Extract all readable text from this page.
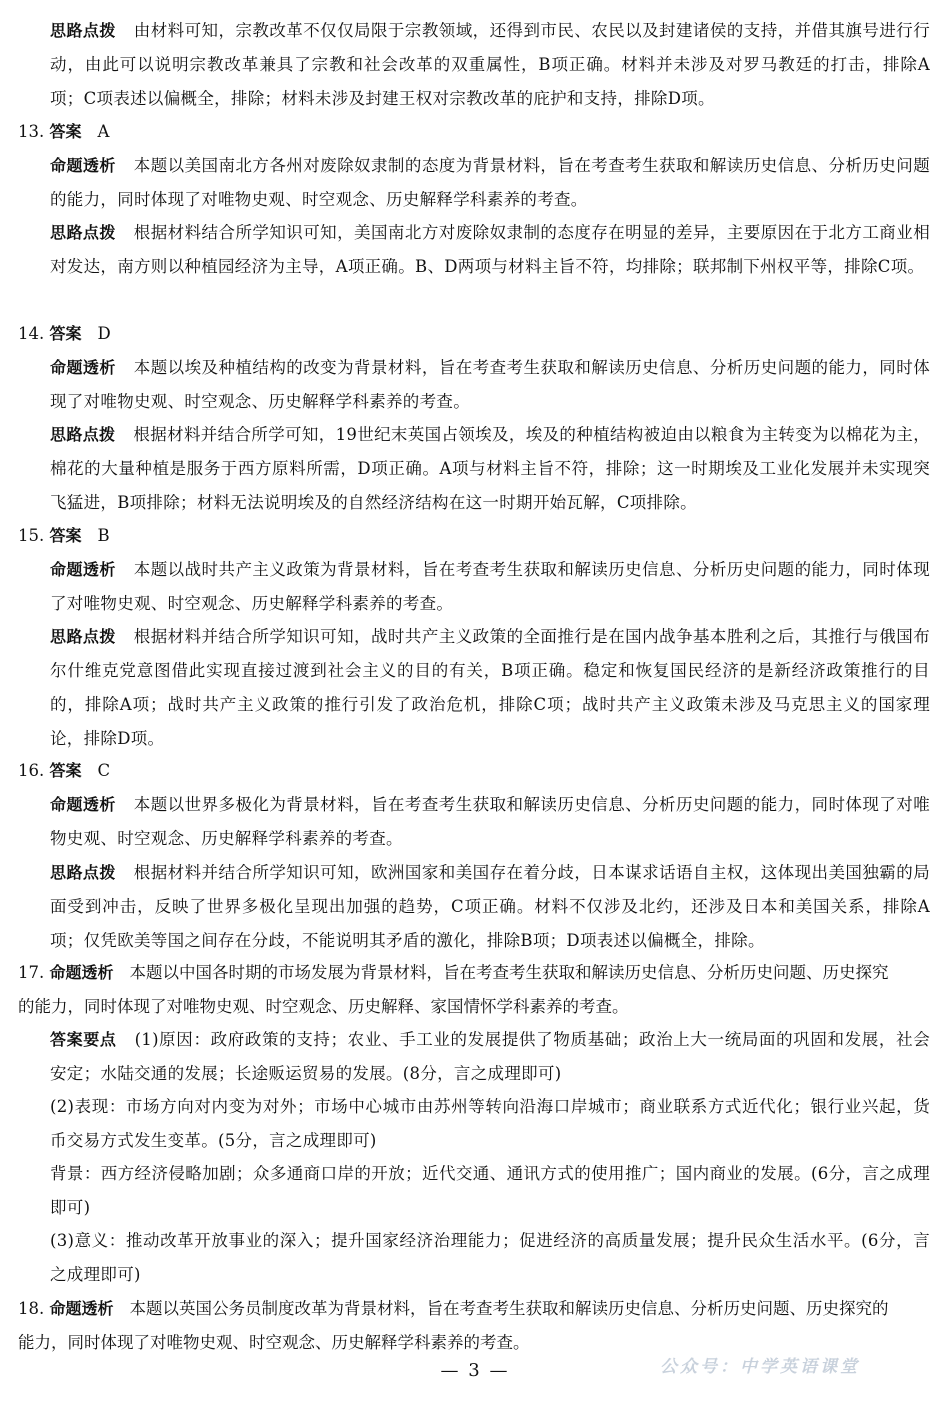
思路点拨 由材料可知，宗教改革不仅仅局限于宗教领域，还得到市民、农民以及封建诸侯的支持，并借其旗号进行行动，由此可以说明宗教改革兼具了宗教和社会改革的双重属性，B项正确。材料并未涉及对罗马教廷的打击，排除A项；C项表述以偏概全，排除；材料未涉及封建王权对宗教改革的庇护和支持，排除D项。

13. 答案 A

命题透析 本题以美国南北方各州对废除奴隶制的态度为背景材料，旨在考查考生获取和解读历史信息、分析历史问题的能力，同时体现了对唯物史观、时空观念、历史解释学科素养的考查。

思路点拨 根据材料结合所学知识可知，美国南北方对废除奴隶制的态度存在明显的差异，主要原因在于北方工商业相对发达，南方则以种植园经济为主导，A项正确。B、D两项与材料主旨不符，均排除；联邦制下州权平等，排除C项。

14. 答案 D

命题透析 本题以埃及种植结构的改变为背景材料，旨在考查考生获取和解读历史信息、分析历史问题的能力，同时体现了对唯物史观、时空观念、历史解释学科素养的考查。

思路点拨 根据材料并结合所学可知，19世纪末英国占领埃及，埃及的种植结构被迫由以粮食为主转变为以棉花为主，棉花的大量种植是服务于西方原料所需，D项正确。A项与材料主旨不符，排除；这一时期埃及工业化发展并未实现突飞猛进，B项排除；材料无法说明埃及的自然经济结构在这一时期开始瓦解，C项排除。

15. 答案 B

命题透析 本题以战时共产主义政策为背景材料，旨在考查考生获取和解读历史信息、分析历史问题的能力，同时体现了对唯物史观、时空观念、历史解释学科素养的考查。

思路点拨 根据材料并结合所学知识可知，战时共产主义政策的全面推行是在国内战争基本胜利之后，其推行与俄国布尔什维克党意图借此实现直接过渡到社会主义的目的有关，B项正确。稳定和恢复国民经济的是新经济政策推行的目的，排除A项；战时共产主义政策的推行引发了政治危机，排除C项；战时共产主义政策未涉及马克思主义的国家理论，排除D项。

16. 答案 C

命题透析 本题以世界多极化为背景材料，旨在考查考生获取和解读历史信息、分析历史问题的能力，同时体现了对唯物史观、时空观念、历史解释学科素养的考查。

思路点拨 根据材料并结合所学知识可知，欧洲国家和美国存在着分歧，日本谋求话语自主权，这体现出美国独霸的局面受到冲击，反映了世界多极化呈现出加强的趋势，C项正确。材料不仅涉及北约，还涉及日本和美国关系，排除A项；仅凭欧美等国之间存在分歧，不能说明其矛盾的激化，排除B项；D项表述以偏概全，排除。

17. 命题透析 本题以中国各时期的市场发展为背景材料，旨在考查考生获取和解读历史信息、分析历史问题、历史探究的能力，同时体现了对唯物史观、时空观念、历史解释、家国情怀学科素养的考查。

答案要点 (1)原因：政府政策的支持；农业、手工业的发展提供了物质基础；政治上大一统局面的巩固和发展，社会安定；水陆交通的发展；长途贩运贸易的发展。(8分，言之成理即可)

(2)表现：市场方向对内变为对外；市场中心城市由苏州等转向沿海口岸城市；商业联系方式近代化；银行业兴起，货币交易方式发生变革。(5分，言之成理即可)

背景：西方经济侵略加剧；众多通商口岸的开放；近代交通、通讯方式的使用推广；国内商业的发展。(6分，言之成理即可)

(3)意义：推动改革开放事业的深入；提升国家经济治理能力；促进经济的高质量发展；提升民众生活水平。(6分，言之成理即可)

18. 命题透析 本题以英国公务员制度改革为背景材料，旨在考查考生获取和解读历史信息、分析历史问题、历史探究的能力，同时体现了对唯物史观、时空观念、历史解释学科素养的考查。

— 3 —	公众号：中学英语课堂
